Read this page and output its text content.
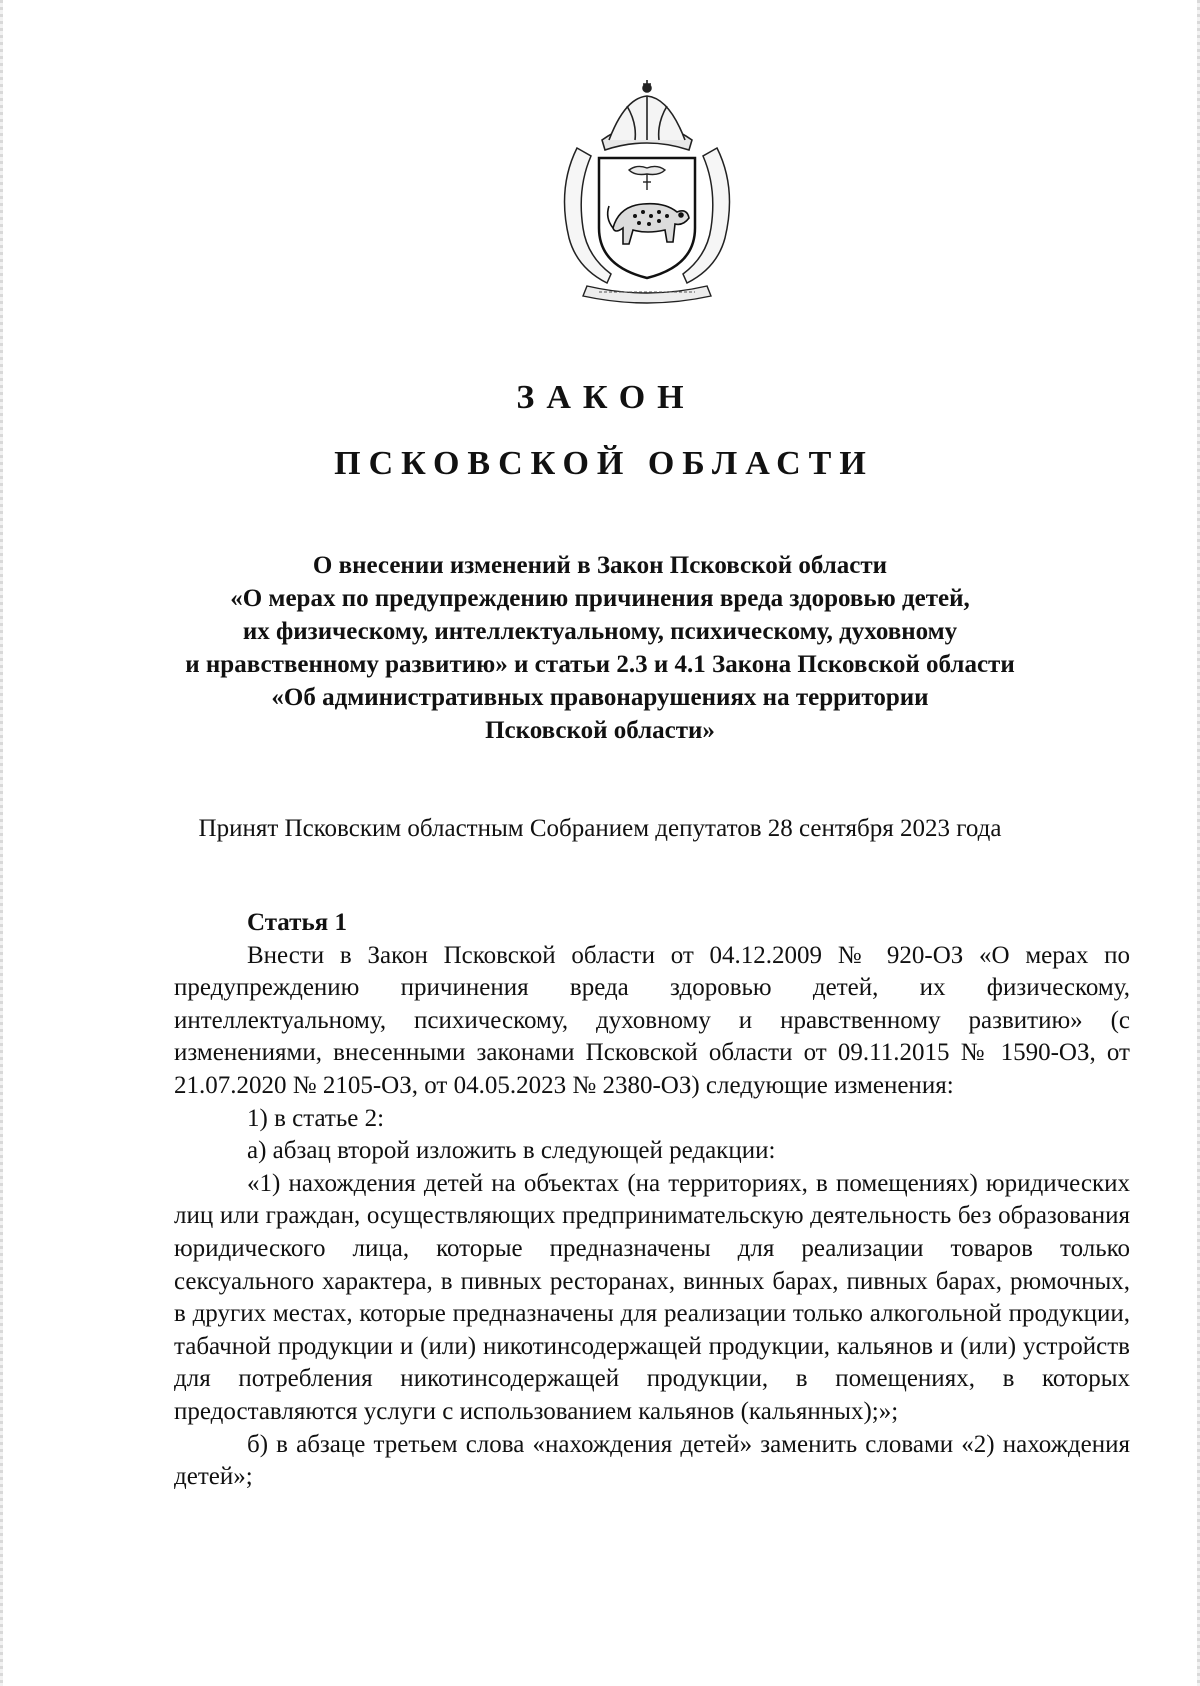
ЗАКОН
ПСКОВСКОЙ ОБЛАСТИ
О внесении изменений в Закон Псковской области
«О мерах по предупреждению причинения вреда здоровью детей,
их физическому, интеллектуальному, психическому, духовному
и нравственному развитию» и статьи 2.3 и 4.1 Закона Псковской области
«Об административных правонарушениях на территории
Псковской области»
Принят Псковским областным Собранием депутатов 28 сентября 2023 года
Статья 1

Внести в Закон Псковской области от 04.12.2009 № 920-ОЗ «О мерах по предупреждению причинения вреда здоровью детей, их физическому, интеллектуальному, психическому, духовному и нравственному развитию» (с изменениями, внесенными законами Псковской области от 09.11.2015 № 1590-ОЗ, от 21.07.2020 № 2105-ОЗ, от 04.05.2023 № 2380-ОЗ) следующие изменения:

1) в статье 2:

а) абзац второй изложить в следующей редакции:

«1) нахождения детей на объектах (на территориях, в помещениях) юридических лиц или граждан, осуществляющих предпринимательскую деятельность без образования юридического лица, которые предназначены для реализации товаров только сексуального характера, в пивных ресторанах, винных барах, пивных барах, рюмочных, в других местах, которые предназначены для реализации только алкогольной продукции, табачной продукции и (или) никотинсодержащей продукции, кальянов и (или) устройств для потребления никотинсодержащей продукции, в помещениях, в которых предоставляются услуги с использованием кальянов (кальянных);»;

б) в абзаце третьем слова «нахождения детей» заменить словами «2) нахождения детей»;
